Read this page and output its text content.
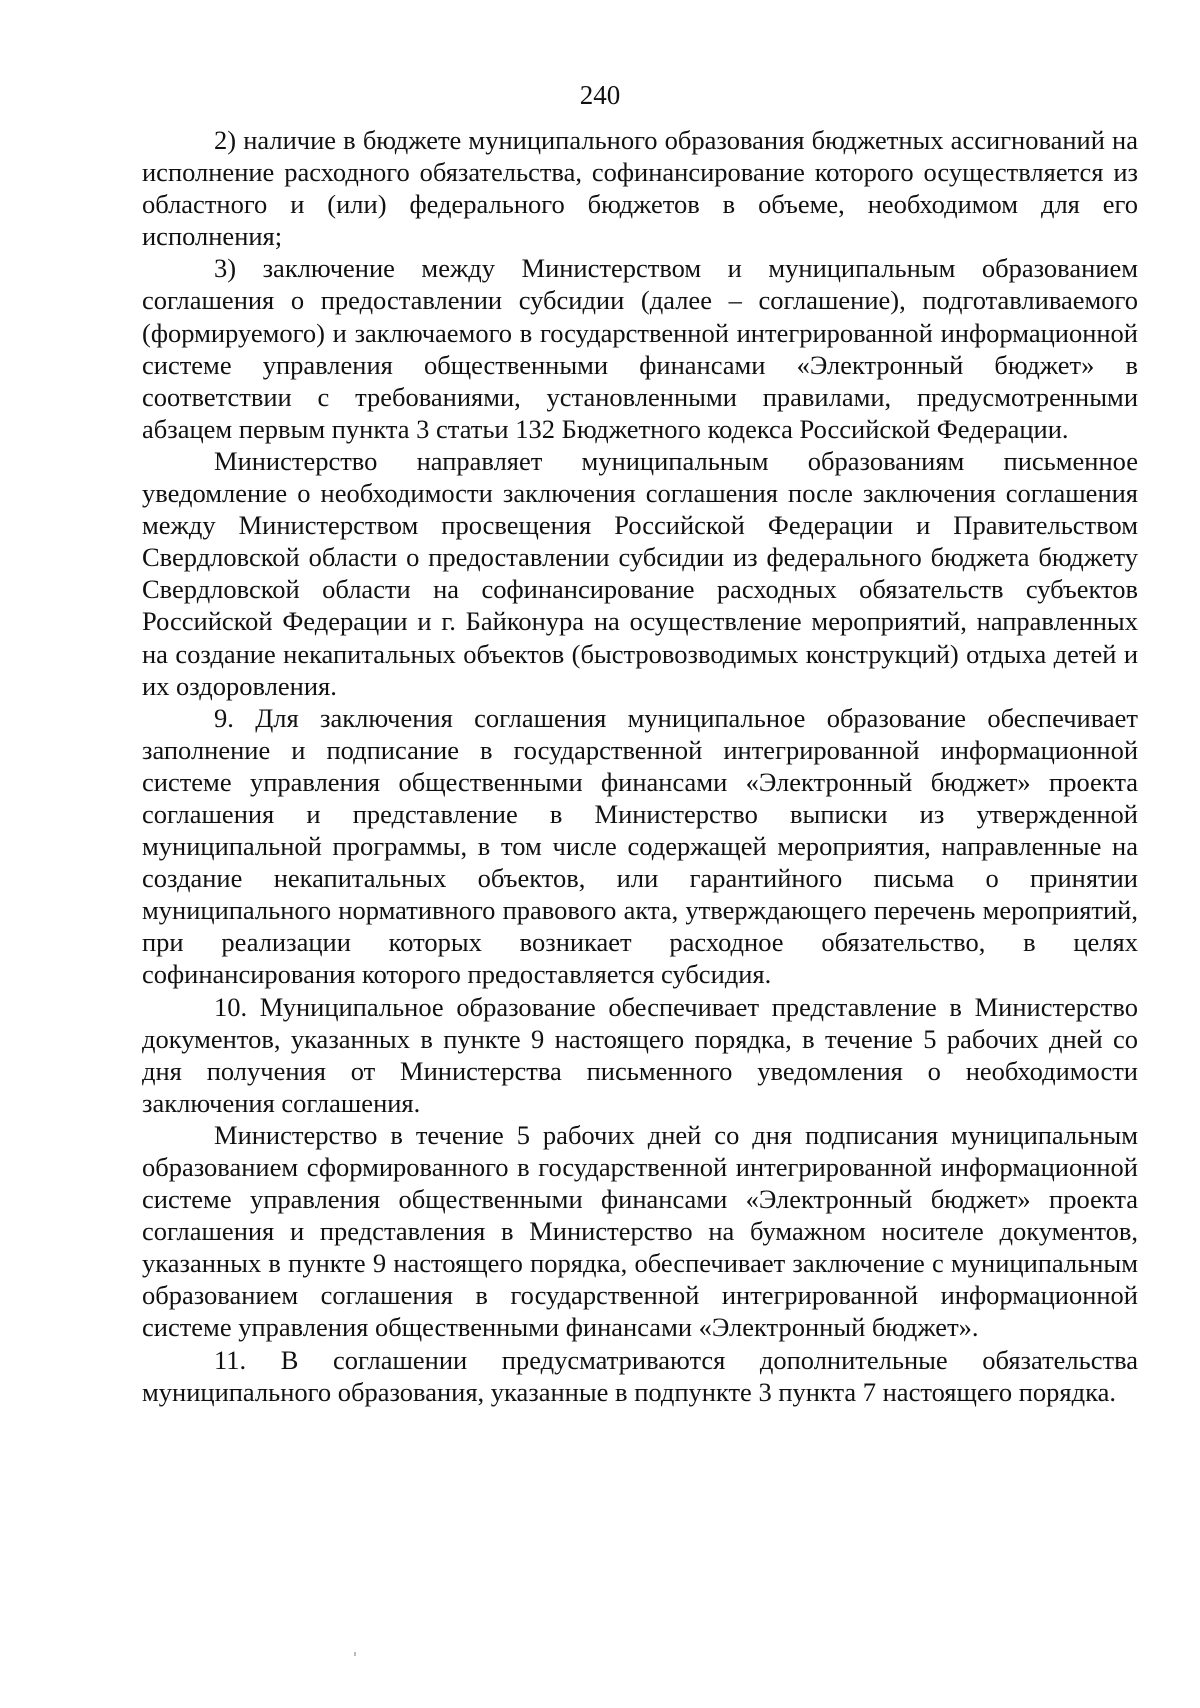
240

2) наличие в бюджете муниципального образования бюджетных ассигнований на исполнение расходного обязательства, софинансирование которого осуществляется из областного и (или) федерального бюджетов в объеме, необходимом для его исполнения;

3) заключение между Министерством и муниципальным образованием соглашения о предоставлении субсидии (далее – соглашение), подготавливаемого (формируемого) и заключаемого в государственной интегрированной информационной системе управления общественными финансами «Электронный бюджет» в соответствии с требованиями, установленными правилами, предусмотренными абзацем первым пункта 3 статьи 132 Бюджетного кодекса Российской Федерации.

Министерство направляет муниципальным образованиям письменное уведомление о необходимости заключения соглашения после заключения соглашения между Министерством просвещения Российской Федерации и Правительством Свердловской области о предоставлении субсидии из федерального бюджета бюджету Свердловской области на софинансирование расходных обязательств субъектов Российской Федерации и г. Байконура на осуществление мероприятий, направленных на создание некапитальных объектов (быстровозводимых конструкций) отдыха детей и их оздоровления.

9. Для заключения соглашения муниципальное образование обеспечивает заполнение и подписание в государственной интегрированной информационной системе управления общественными финансами «Электронный бюджет» проекта соглашения и представление в Министерство выписки из утвержденной муниципальной программы, в том числе содержащей мероприятия, направленные на создание некапитальных объектов, или гарантийного письма о принятии муниципального нормативного правового акта, утверждающего перечень мероприятий, при реализации которых возникает расходное обязательство, в целях софинансирования которого предоставляется субсидия.

10. Муниципальное образование обеспечивает представление в Министерство документов, указанных в пункте 9 настоящего порядка, в течение 5 рабочих дней со дня получения от Министерства письменного уведомления о необходимости заключения соглашения.

Министерство в течение 5 рабочих дней со дня подписания муниципальным образованием сформированного в государственной интегрированной информационной системе управления общественными финансами «Электронный бюджет» проекта соглашения и представления в Министерство на бумажном носителе документов, указанных в пункте 9 настоящего порядка, обеспечивает заключение с муниципальным образованием соглашения в государственной интегрированной информационной системе управления общественными финансами «Электронный бюджет».

11. В соглашении предусматриваются дополнительные обязательства муниципального образования, указанные в подпункте 3 пункта 7 настоящего порядка.
